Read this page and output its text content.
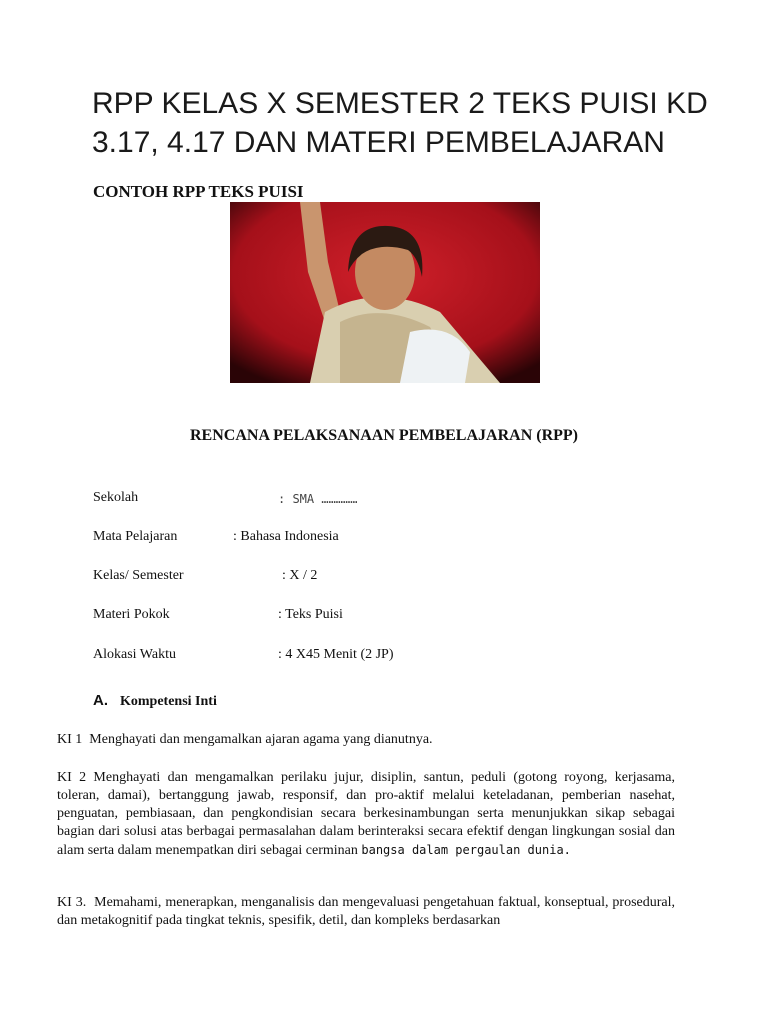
RPP KELAS X SEMESTER 2 TEKS PUISI KD 3.17, 4.17 DAN MATERI PEMBELAJARAN
CONTOH RPP TEKS PUISI
RENCANA PELAKSANAAN PEMBELAJARAN (RPP)
Sekolah	: SMA ……………
Mata Pelajaran	: Bahasa Indonesia
Kelas/ Semester	: X / 2
Materi Pokok	: Teks Puisi
Alokasi Waktu	: 4 X45 Menit (2 JP)
A. Kompetensi Inti
KI 1 Menghayati dan mengamalkan ajaran agama yang dianutnya.
KI 2 Menghayati dan mengamalkan perilaku jujur, disiplin, santun, peduli (gotong royong, kerjasama, toleran, damai), bertanggung jawab, responsif, dan pro-aktif melalui keteladanan, pemberian nasehat, penguatan, pembiasaan, dan pengkondisian secara berkesinambungan serta menunjukkan sikap sebagai bagian dari solusi atas berbagai permasalahan dalam berinteraksi secara efektif dengan lingkungan sosial dan alam serta dalam menempatkan diri sebagai cerminan bangsa dalam pergaulan dunia.
KI 3. Memahami, menerapkan, menganalisis dan mengevaluasi pengetahuan faktual, konseptual, prosedural, dan metakognitif pada tingkat teknis, spesifik, detil, dan kompleks berdasarkan
